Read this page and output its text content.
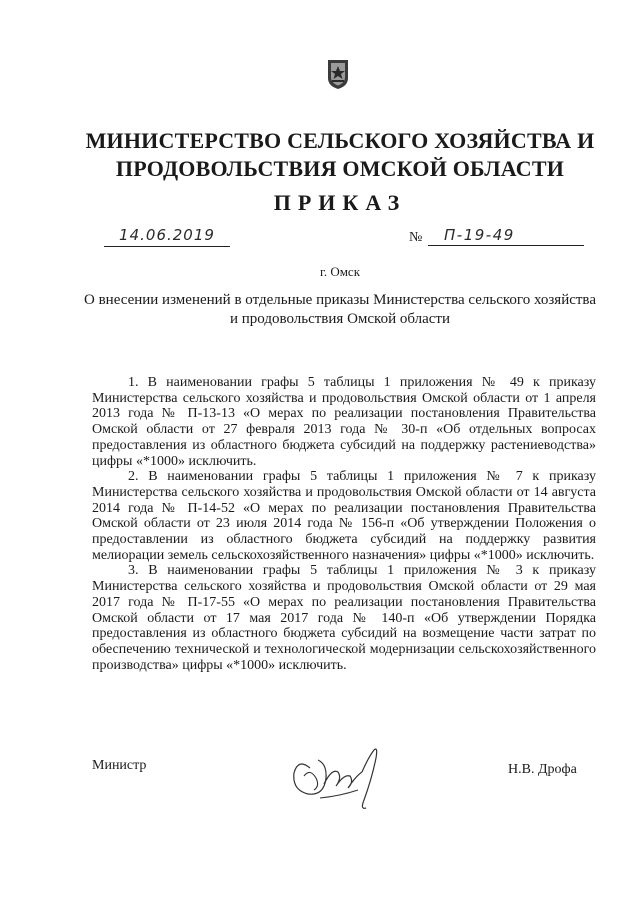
МИНИСТЕРСТВО СЕЛЬСКОГО ХОЗЯЙСТВА И
ПРОДОВОЛЬСТВИЯ ОМСКОЙ ОБЛАСТИ
ПРИКАЗ
14.06.2019	№	П-19-49
г. Омск
О внесении изменений в отдельные приказы Министерства сельского хозяйства и продовольствия Омской области

1. В наименовании графы 5 таблицы 1 приложения № 49 к приказу Министерства сельского хозяйства и продовольствия Омской области от 1 апреля 2013 года № П-13-13 «О мерах по реализации постановления Правительства Омской области от 27 февраля 2013 года № 30-п «Об отдельных вопросах предоставления из областного бюджета субсидий на поддержку растениеводства» цифры «*1000» исключить.

2. В наименовании графы 5 таблицы 1 приложения № 7 к приказу Министерства сельского хозяйства и продовольствия Омской области от 14 августа 2014 года № П-14-52 «О мерах по реализации постановления Правительства Омской области от 23 июля 2014 года № 156-п «Об утверждении Положения о предоставлении из областного бюджета субсидий на поддержку развития мелиорации земель сельскохозяйственного назначения» цифры «*1000» исключить.

3. В наименовании графы 5 таблицы 1 приложения № 3 к приказу Министерства сельского хозяйства и продовольствия Омской области от 29 мая 2017 года № П-17-55 «О мерах по реализации постановления Правительства Омской области от 17 мая 2017 года № 140-п «Об утверждении Порядка предоставления из областного бюджета субсидий на возмещение части затрат по обеспечению технической и технологической модернизации сельскохозяйственного производства» цифры «*1000» исключить.

Министр	Н.В. Дрофа
